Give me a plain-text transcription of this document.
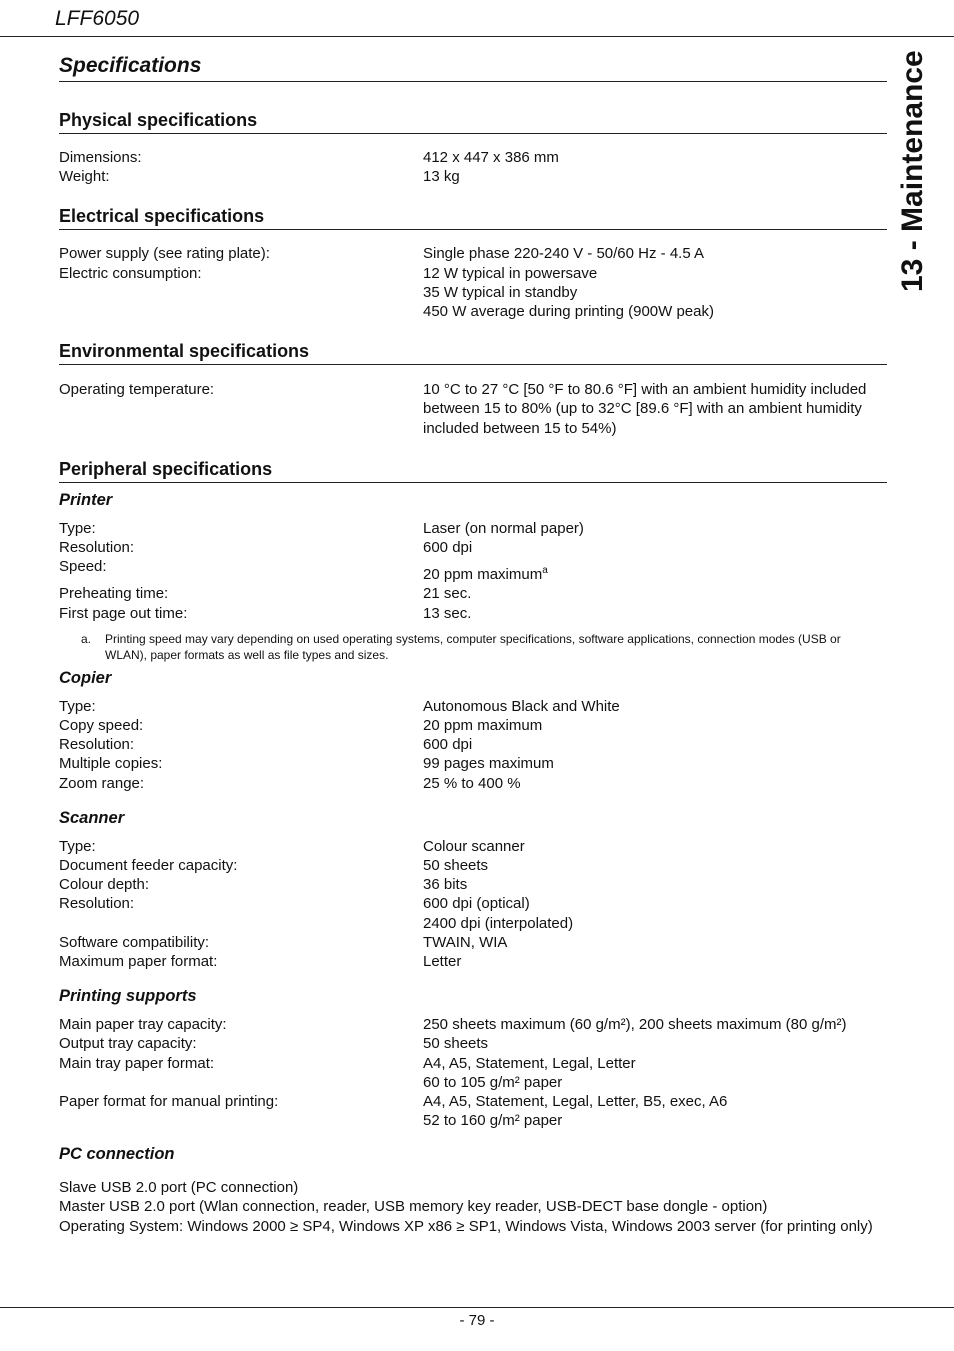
LFF6050
13 - Maintenance
Specifications
Physical specifications
Dimensions:	412 x 447 x 386 mm
Weight:	13 kg
Electrical specifications
Power supply (see rating plate):	Single phase 220-240 V - 50/60 Hz - 4.5 A
Electric consumption:	12 W typical in powersave
	35 W typical in standby
	450 W average during printing (900W peak)
Environmental specifications
Operating temperature:	10 °C to 27 °C [50 °F to 80.6 °F] with an ambient humidity included between 15 to 80% (up to 32°C [89.6 °F] with an ambient humidity included between 15 to 54%)
Peripheral specifications
Printer
Type:	Laser (on normal paper)
Resolution:	600 dpi
Speed:	20 ppm maximum$^a$
Preheating time:	21 sec.
First page out time:	13 sec.
a.	Printing speed may vary depending on used operating systems, computer specifications, software applications, connection modes (USB or WLAN), paper formats as well as file types and sizes.
Copier
Type:	Autonomous Black and White
Copy speed:	20 ppm maximum
Resolution:	600 dpi
Multiple copies:	99 pages maximum
Zoom range:	25 % to 400 %
Scanner
Type:	Colour scanner
Document feeder capacity:	50 sheets
Colour depth:	36 bits
Resolution:	600 dpi (optical)
	2400 dpi (interpolated)
Software compatibility:	TWAIN, WIA
Maximum paper format:	Letter
Printing supports
Main paper tray capacity:	250 sheets maximum (60 g/m²), 200 sheets maximum (80 g/m²)
Output tray capacity:	50 sheets
Main tray paper format:	A4, A5, Statement, Legal, Letter
	60 to 105 g/m² paper
Paper format for manual printing:	A4, A5, Statement, Legal, Letter, B5, exec, A6
	52 to 160 g/m² paper
PC connection

Slave USB 2.0 port (PC connection)

Master USB 2.0 port (Wlan connection, reader, USB memory key reader, USB-DECT base dongle - option)

Operating System: Windows 2000 ≥ SP4, Windows XP x86 ≥ SP1, Windows Vista, Windows 2003 server (for printing only)

- 79 -
